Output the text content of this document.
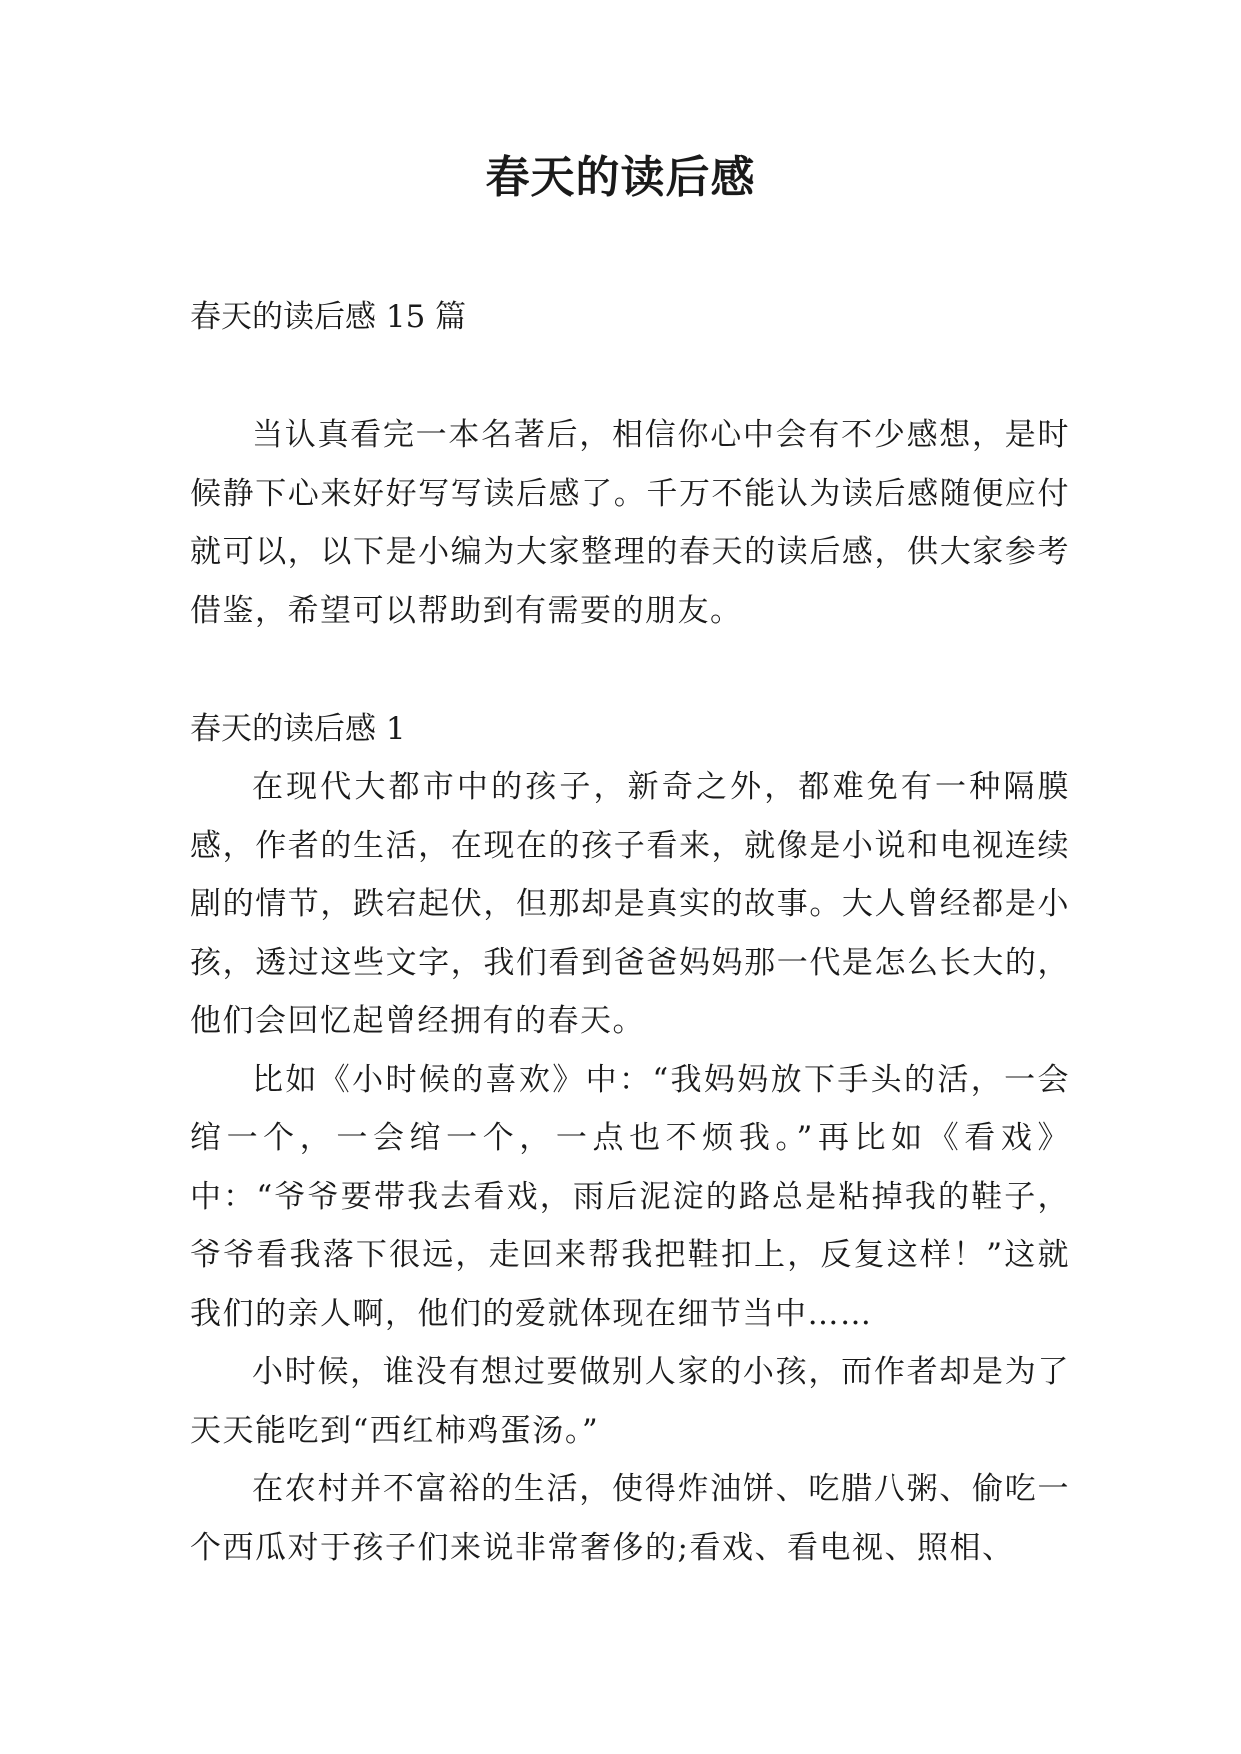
春天的读后感

春天的读后感 15 篇

当认真看完一本名著后，相信你心中会有不少感想，是时候静下心来好好写写读后感了。千万不能认为读后感随便应付就可以，以下是小编为大家整理的春天的读后感，供大家参考借鉴，希望可以帮助到有需要的朋友。

春天的读后感 1

在现代大都市中的孩子，新奇之外，都难免有一种隔膜感，作者的生活，在现在的孩子看来，就像是小说和电视连续剧的情节，跌宕起伏，但那却是真实的故事。大人曾经都是小孩，透过这些文字，我们看到爸爸妈妈那一代是怎么长大的，他们会回忆起曾经拥有的春天。

比如《小时候的喜欢》中：“我妈妈放下手头的活，一会绾一个，一会绾一个，一点也不烦我。”再比如《看戏》中：“爷爷要带我去看戏，雨后泥淀的路总是粘掉我的鞋子，爷爷看我落下很远，走回来帮我把鞋扣上，反复这样！”这就我们的亲人啊，他们的爱就体现在细节当中……

小时候，谁没有想过要做别人家的小孩，而作者却是为了天天能吃到“西红柿鸡蛋汤。”

在农村并不富裕的生活，使得炸油饼、吃腊八粥、偷吃一个西瓜对于孩子们来说非常奢侈的;看戏、看电视、照相、
